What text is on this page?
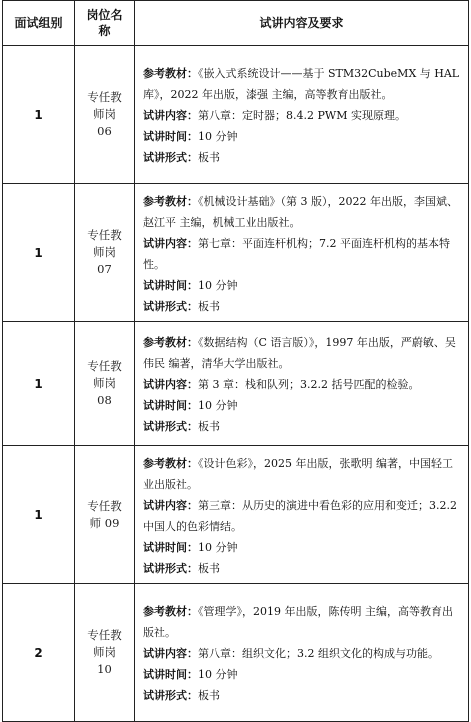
面试组别	岗位名称	试讲内容及要求
1	专任教师岗06	参考教材：《嵌入式系统设计——基于 STM32CubeMX 与 HAL 库》，2022 年出版，漆强 主编，高等教育出版社。
试讲内容：第八章：定时器；8.4.2 PWM 实现原理。
试讲时间：10 分钟
试讲形式：板书

1	专任教师岗07	参考教材：《机械设计基础》（第 3 版），2022 年出版，李国斌、赵江平 主编，机械工业出版社。
试讲内容：第七章：平面连杆机构；7.2 平面连杆机构的基本特性。
试讲时间：10 分钟
试讲形式：板书

1	专任教师岗08	参考教材：《数据结构（C 语言版）》，1997 年出版，严蔚敏、吴伟民 编著，清华大学出版社。
试讲内容：第 3 章：栈和队列；3.2.2 括号匹配的检验。
试讲时间：10 分钟
试讲形式：板书

1	专任教师 09	参考教材：《设计色彩》，2025 年出版，张歌明 编著，中国轻工业出版社。
试讲内容：第三章：从历史的演进中看色彩的应用和变迁；3.2.2 中国人的色彩情结。
试讲时间：10 分钟
试讲形式：板书

2	专任教师岗10	参考教材：《管理学》，2019 年出版，陈传明 主编，高等教育出版社。
试讲内容：第八章：组织文化；3.2 组织文化的构成与功能。
试讲时间：10 分钟
试讲形式：板书
